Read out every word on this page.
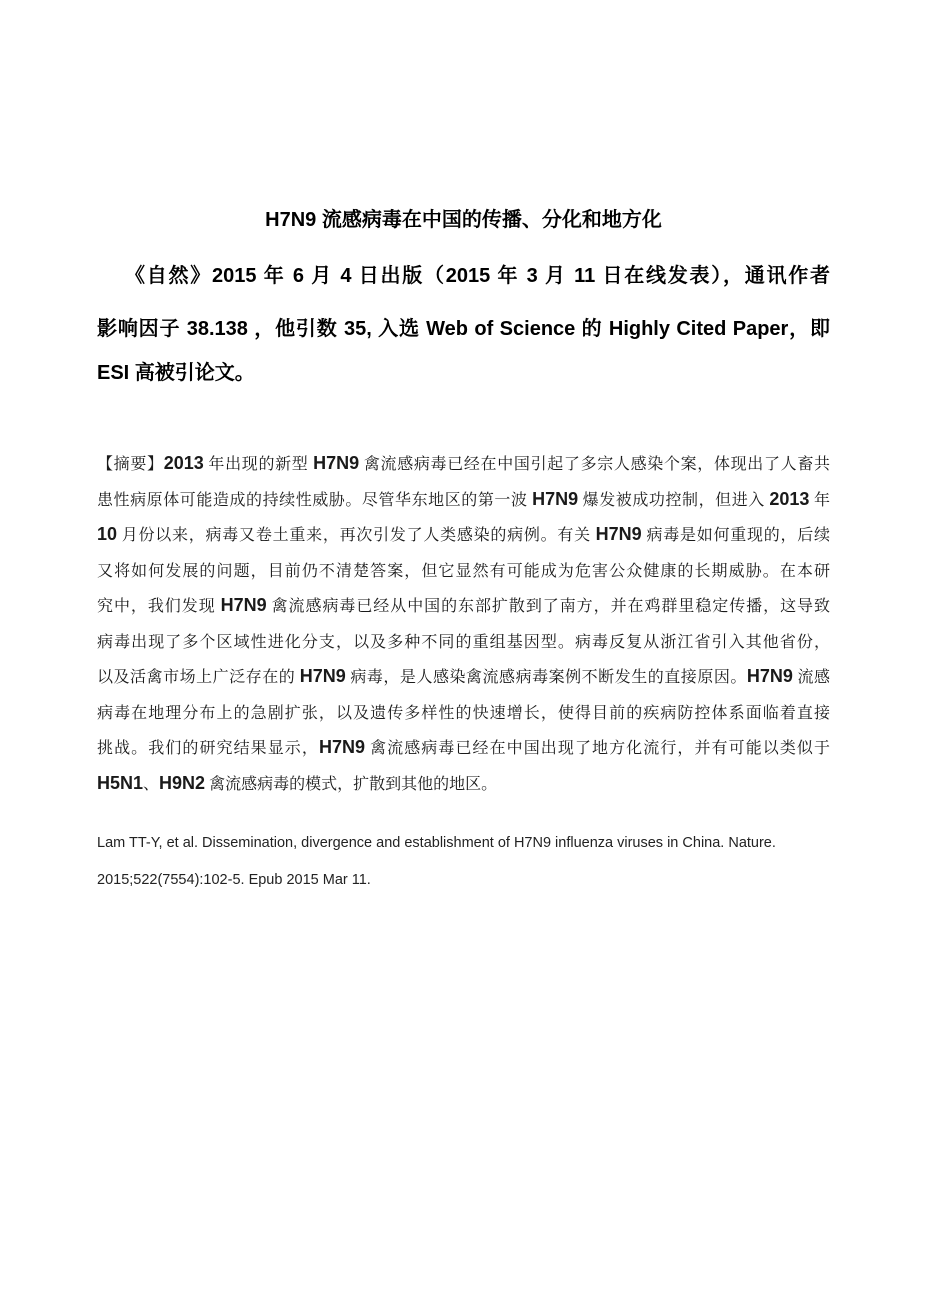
H7N9 流感病毒在中国的传播、分化和地方化
《自然》2015 年 6 月 4 日出版（2015 年 3 月 11 日在线发表），通讯作者
影响因子 38.138 ，他引数 35, 入选 Web of Science 的 Highly Cited Paper，即
ESI 高被引论文。
【摘要】2013 年出现的新型 H7N9 禽流感病毒已经在中国引起了多宗人感染个案，体现出了人畜共
患性病原体可能造成的持续性威胁。尽管华东地区的第一波 H7N9 爆发被成功控制，但进入 2013 年
10 月份以来，病毒又卷土重来，再次引发了人类感染的病例。有关 H7N9 病毒是如何重现的，后续
又将如何发展的问题，目前仍不清楚答案，但它显然有可能成为危害公众健康的长期威胁。在本研
究中，我们发现 H7N9 禽流感病毒已经从中国的东部扩散到了南方，并在鸡群里稳定传播，这导致
病毒出现了多个区域性进化分支，以及多种不同的重组基因型。病毒反复从浙江省引入其他省份，
以及活禽市场上广泛存在的 H7N9 病毒，是人感染禽流感病毒案例不断发生的直接原因。H7N9 流感
病毒在地理分布上的急剧扩张，以及遗传多样性的快速增长，使得目前的疾病防控体系面临着直接
挑战。我们的研究结果显示，H7N9 禽流感病毒已经在中国出现了地方化流行，并有可能以类似于
H5N1、H9N2 禽流感病毒的模式，扩散到其他的地区。
Lam TT-Y, et al. Dissemination, divergence and establishment of H7N9 influenza viruses in China. Nature.
2015;522(7554):102-5. Epub 2015 Mar 11.
